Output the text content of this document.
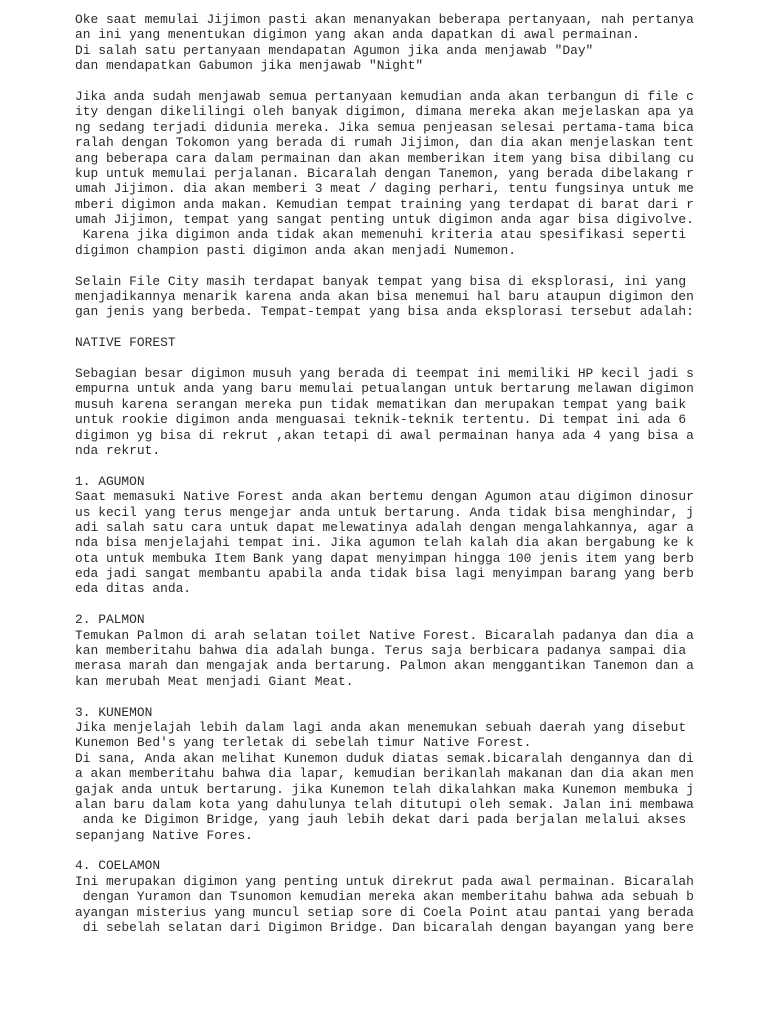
Oke saat memulai Jijimon pasti akan menanyakan beberapa pertanyaan, nah pertanya
an ini yang menentukan digimon yang akan anda dapatkan di awal permainan.
Di salah satu pertanyaan mendapatan Agumon jika anda menjawab "Day"
dan mendapatkan Gabumon jika menjawab "Night"
Jika anda sudah menjawab semua pertanyaan kemudian anda akan terbangun di file c
ity dengan dikelilingi oleh banyak digimon, dimana mereka akan mejelaskan apa ya
ng sedang terjadi didunia mereka. Jika semua penjeasan selesai pertama-tama bica
ralah dengan Tokomon yang berada di rumah Jijimon, dan dia akan menjelaskan tent
ang beberapa cara dalam permainan dan akan memberikan item yang bisa dibilang cu
kup untuk memulai perjalanan. Bicaralah dengan Tanemon, yang berada dibelakang r
umah Jijimon. dia akan memberi 3 meat / daging perhari, tentu fungsinya untuk me
mberi digimon anda makan. Kemudian tempat training yang terdapat di barat dari r
umah Jijimon, tempat yang sangat penting untuk digimon anda agar bisa digivolve.
Karena jika digimon anda tidak akan memenuhi kriteria atau spesifikasi seperti
digimon champion pasti digimon anda akan menjadi Numemon.
Selain File City masih terdapat banyak tempat yang bisa di eksplorasi, ini yang
menjadikannya menarik karena anda akan bisa menemui hal baru ataupun digimon den
gan jenis yang berbeda. Tempat-tempat yang bisa anda eksplorasi tersebut adalah:
NATIVE FOREST
Sebagian besar digimon musuh yang berada di teempat ini memiliki HP kecil jadi s
empurna untuk anda yang baru memulai petualangan untuk bertarung melawan digimon
musuh karena serangan mereka pun tidak mematikan dan merupakan tempat yang baik
untuk rookie digimon anda menguasai teknik-teknik tertentu. Di tempat ini ada 6
digimon yg bisa di rekrut ,akan tetapi di awal permainan hanya ada 4 yang bisa a
nda rekrut.
1. AGUMON
Saat memasuki Native Forest anda akan bertemu dengan Agumon atau digimon dinosur
us kecil yang terus mengejar anda untuk bertarung. Anda tidak bisa menghindar, j
adi salah satu cara untuk dapat melewatinya adalah dengan mengalahkannya, agar a
nda bisa menjelajahi tempat ini. Jika agumon telah kalah dia akan bergabung ke k
ota untuk membuka Item Bank yang dapat menyimpan hingga 100 jenis item yang berb
eda jadi sangat membantu apabila anda tidak bisa lagi menyimpan barang yang berb
eda ditas anda.
2. PALMON
Temukan Palmon di arah selatan toilet Native Forest. Bicaralah padanya dan dia a
kan memberitahu bahwa dia adalah bunga. Terus saja berbicara padanya sampai dia
merasa marah dan mengajak anda bertarung. Palmon akan menggantikan Tanemon dan a
kan merubah Meat menjadi Giant Meat.
3. KUNEMON
Jika menjelajah lebih dalam lagi anda akan menemukan sebuah daerah yang disebut
Kunemon Bed's yang terletak di sebelah timur Native Forest.
Di sana, Anda akan melihat Kunemon duduk diatas semak.bicaralah dengannya dan di
a akan memberitahu bahwa dia lapar, kemudian berikanlah makanan dan dia akan men
gajak anda untuk bertarung. jika Kunemon telah dikalahkan maka Kunemon membuka j
alan baru dalam kota yang dahulunya telah ditutupi oleh semak. Jalan ini membawa
anda ke Digimon Bridge, yang jauh lebih dekat dari pada berjalan melalui akses
sepanjang Native Fores.
4. COELAMON
Ini merupakan digimon yang penting untuk direkrut pada awal permainan. Bicaralah
dengan Yuramon dan Tsunomon kemudian mereka akan memberitahu bahwa ada sebuah b
ayangan misterius yang muncul setiap sore di Coela Point atau pantai yang berada
di sebelah selatan dari Digimon Bridge. Dan bicaralah dengan bayangan yang bere
